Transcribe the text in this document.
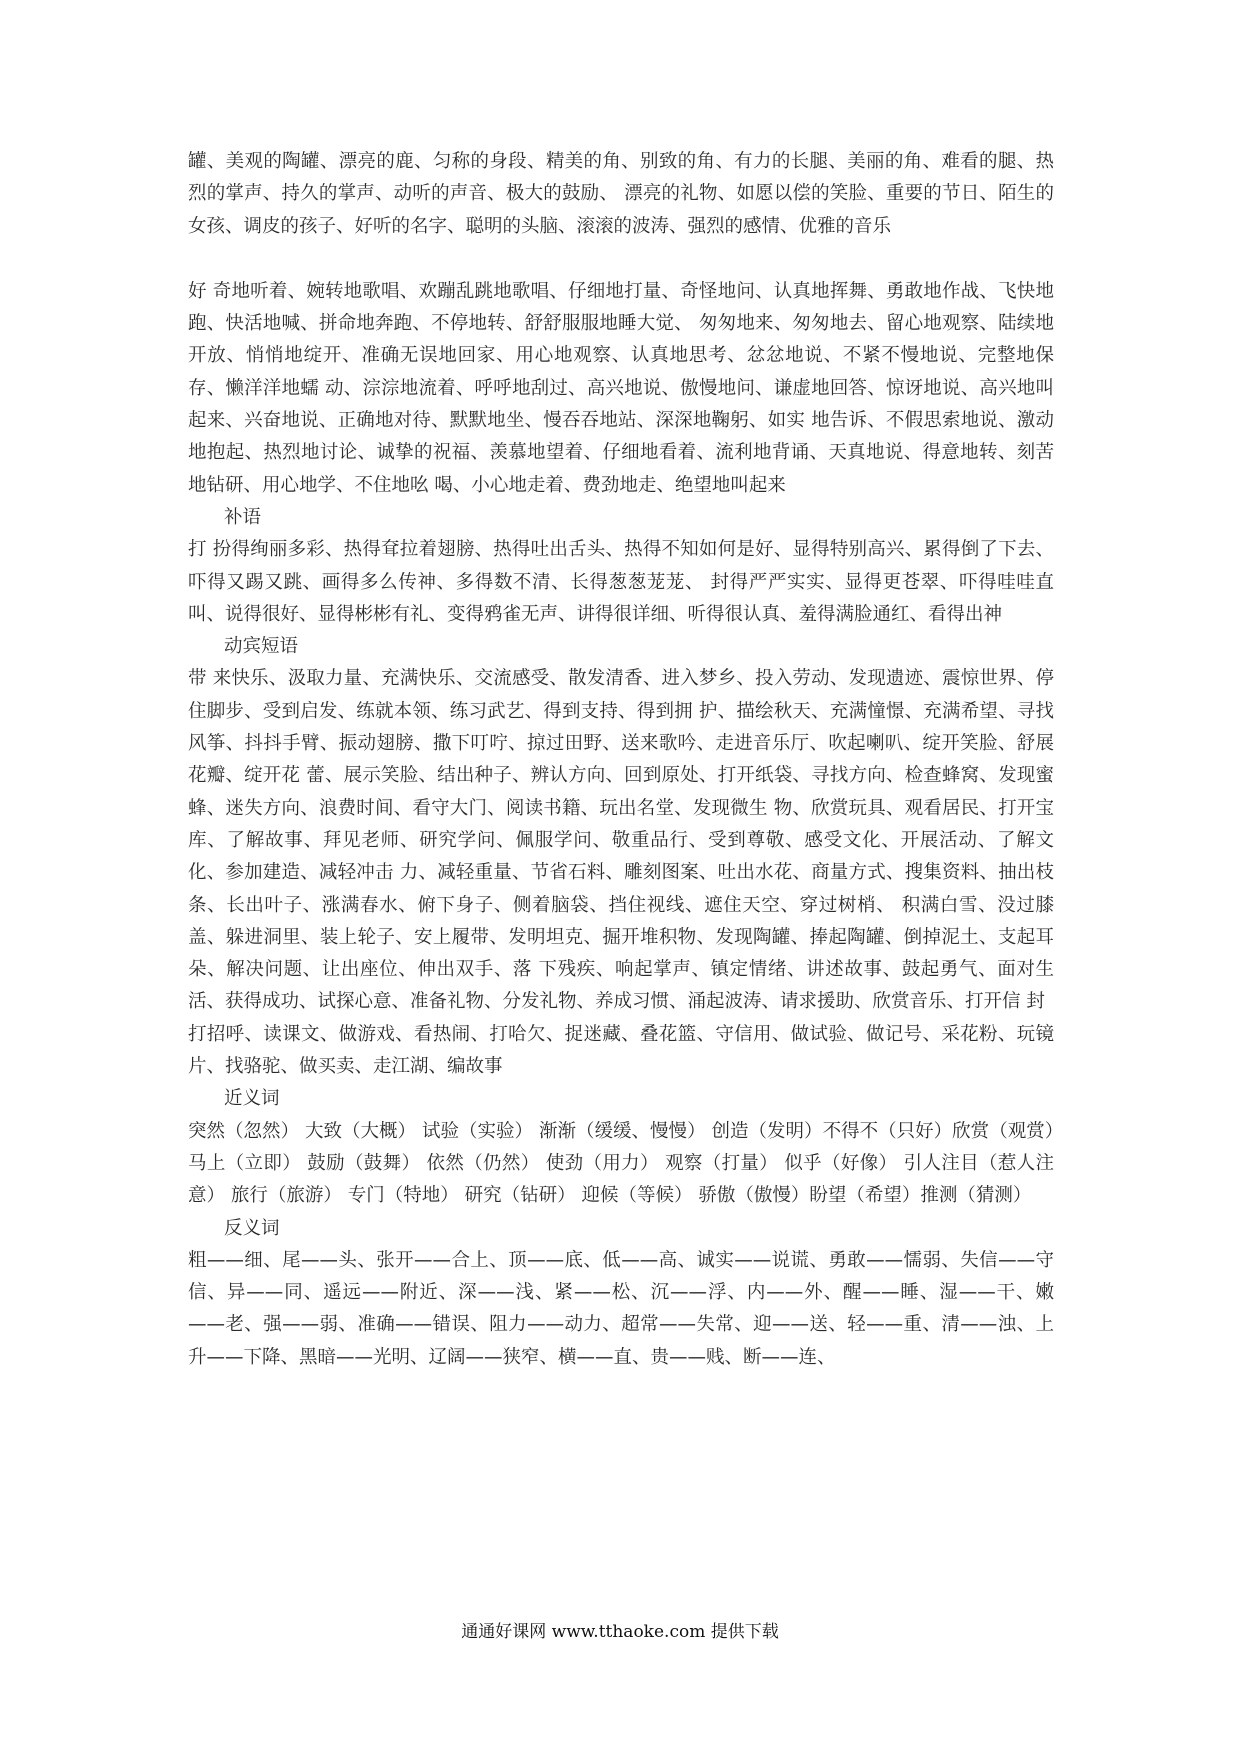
罐、美观的陶罐、漂亮的鹿、匀称的身段、精美的角、别致的角、有力的长腿、美丽的角、难看的腿、热烈的掌声、持久的掌声、动听的声音、极大的鼓励、 漂亮的礼物、如愿以偿的笑脸、重要的节日、陌生的女孩、调皮的孩子、好听的名字、聪明的头脑、滚滚的波涛、强烈的感情、优雅的音乐

好 奇地听着、婉转地歌唱、欢蹦乱跳地歌唱、仔细地打量、奇怪地问、认真地挥舞、勇敢地作战、飞快地跑、快活地喊、拼命地奔跑、不停地转、舒舒服服地睡大觉、 匆匆地来、匆匆地去、留心地观察、陆续地开放、悄悄地绽开、准确无误地回家、用心地观察、认真地思考、忿忿地说、不紧不慢地说、完整地保存、懒洋洋地蠕 动、淙淙地流着、呼呼地刮过、高兴地说、傲慢地问、谦虚地回答、惊讶地说、高兴地叫起来、兴奋地说、正确地对待、默默地坐、慢吞吞地站、深深地鞠躬、如实 地告诉、不假思索地说、激动地抱起、热烈地讨论、诚挚的祝福、羡慕地望着、仔细地看着、流利地背诵、天真地说、得意地转、刻苦地钻研、用心地学、不住地吆 喝、小心地走着、费劲地走、绝望地叫起来

补语

打 扮得绚丽多彩、热得耷拉着翅膀、热得吐出舌头、热得不知如何是好、显得特别高兴、累得倒了下去、吓得又踢又跳、画得多么传神、多得数不清、长得葱葱茏茏、 封得严严实实、显得更苍翠、吓得哇哇直叫、说得很好、显得彬彬有礼、变得鸦雀无声、讲得很详细、听得很认真、羞得满脸通红、看得出神

动宾短语

带 来快乐、汲取力量、充满快乐、交流感受、散发清香、进入梦乡、投入劳动、发现遗迹、震惊世界、停住脚步、受到启发、练就本领、练习武艺、得到支持、得到拥 护、描绘秋天、充满憧憬、充满希望、寻找风筝、抖抖手臂、振动翅膀、撒下叮咛、掠过田野、送来歌吟、走进音乐厅、吹起喇叭、绽开笑脸、舒展花瓣、绽开花 蕾、展示笑脸、结出种子、辨认方向、回到原处、打开纸袋、寻找方向、检查蜂窝、发现蜜蜂、迷失方向、浪费时间、看守大门、阅读书籍、玩出名堂、发现微生 物、欣赏玩具、观看居民、打开宝库、了解故事、拜见老师、研究学问、佩服学问、敬重品行、受到尊敬、感受文化、开展活动、了解文化、参加建造、减轻冲击 力、减轻重量、节省石料、雕刻图案、吐出水花、商量方式、搜集资料、抽出枝条、长出叶子、涨满春水、俯下身子、侧着脑袋、挡住视线、遮住天空、穿过树梢、 积满白雪、没过膝盖、躲进洞里、装上轮子、安上履带、发明坦克、掘开堆积物、发现陶罐、捧起陶罐、倒掉泥土、支起耳朵、解决问题、让出座位、伸出双手、落 下残疾、响起掌声、镇定情绪、讲述故事、鼓起勇气、面对生活、获得成功、试探心意、准备礼物、分发礼物、养成习惯、涌起波涛、请求援助、欣赏音乐、打开信 封

打招呼、读课文、做游戏、看热闹、打哈欠、捉迷藏、叠花篮、守信用、做试验、做记号、采花粉、玩镜片、找骆驼、做买卖、走江湖、编故事

近义词

突然（忽然） 大致（大概） 试验（实验） 渐渐（缓缓、慢慢） 创造（发明）不得不（只好）欣赏（观赏）马上（立即） 鼓励（鼓舞） 依然（仍然） 使劲（用力） 观察（打量） 似乎（好像） 引人注目（惹人注意） 旅行（旅游） 专门（特地） 研究（钻研） 迎候（等候） 骄傲（傲慢）盼望（希望）推测（猜测）

反义词

粗——细、尾——头、张开——合上、顶——底、低——高、诚实——说谎、勇敢——懦弱、失信——守信、异——同、遥远——附近、深——浅、紧——松、沉——浮、内——外、醒——睡、湿——干、嫩——老、强——弱、准确——错误、阻力——动力、超常——失常、迎——送、轻——重、清——浊、上升——下降、黑暗——光明、辽阔——狭窄、横——直、贵——贱、断——连、

通通好课网 www.tthaoke.com 提供下载
